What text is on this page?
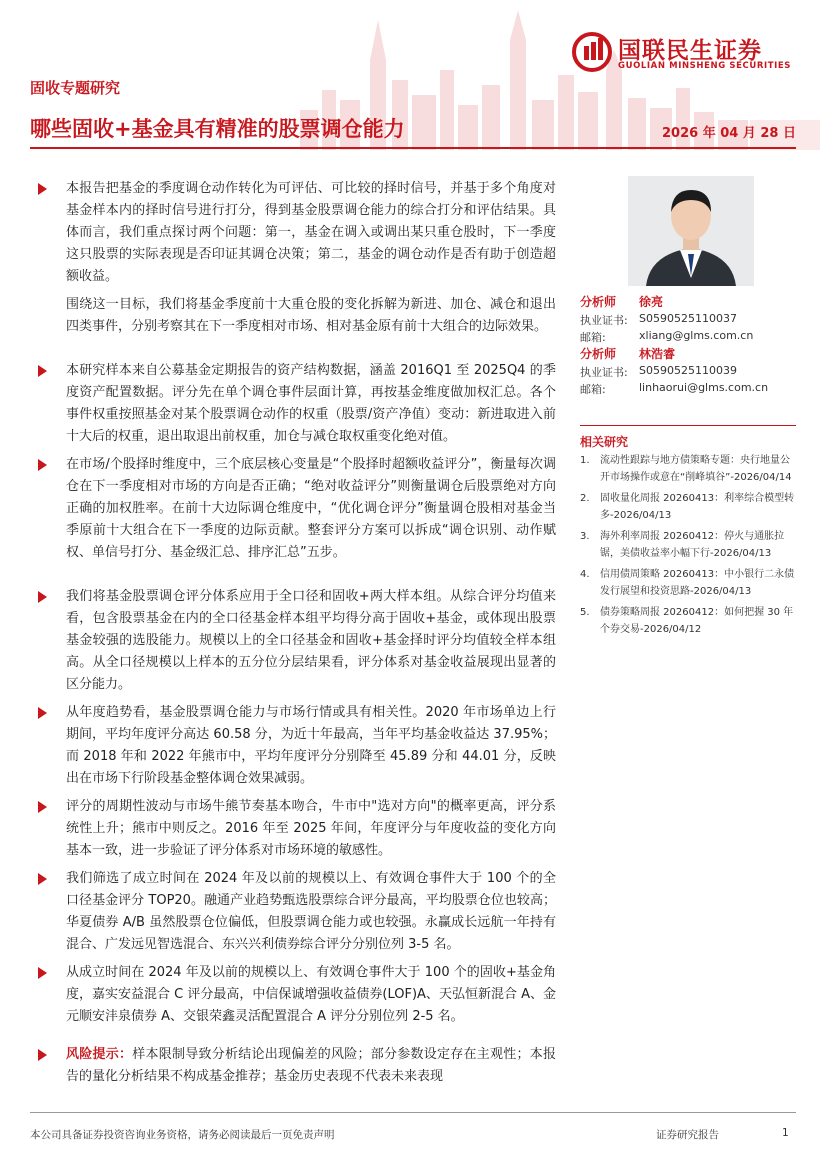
国联民生证券
GUOLIAN MINSHENG SECURITIES
固收专题研究
哪些固收+基金具有精准的股票调仓能力	2026 年 04 月 28 日
本报告把基金的季度调仓动作转化为可评估、可比较的择时信号，并基于多个角度对基金样本内的择时信号进行打分，得到基金股票调仓能力的综合打分和评估结果。具体而言，我们重点探讨两个问题：第一，基金在调入或调出某只重仓股时，下一季度这只股票的实际表现是否印证其调仓决策；第二，基金的调仓动作是否有助于创造超额收益。
围绕这一目标，我们将基金季度前十大重仓股的变化拆解为新进、加仓、减仓和退出四类事件，分别考察其在下一季度相对市场、相对基金原有前十大组合的边际效果。
本研究样本来自公募基金定期报告的资产结构数据，涵盖 2016Q1 至 2025Q4 的季度资产配置数据。评分先在单个调仓事件层面计算，再按基金维度做加权汇总。各个事件权重按照基金对某个股票调仓动作的权重（股票/资产净值）变动：新进取进入前十大后的权重，退出取退出前权重，加仓与减仓取权重变化绝对值。
在市场/个股择时维度中，三个底层核心变量是“个股择时超额收益评分”，衡量每次调仓在下一季度相对市场的方向是否正确；“绝对收益评分”则衡量调仓后股票绝对方向正确的加权胜率。在前十大边际调仓维度中，“优化调仓评分”衡量调仓股相对基金当季原前十大组合在下一季度的边际贡献。整套评分方案可以拆成“调仓识别、动作赋权、单信号打分、基金级汇总、排序汇总”五步。
我们将基金股票调仓评分体系应用于全口径和固收+两大样本组。从综合评分均值来看，包含股票基金在内的全口径基金样本组平均得分高于固收+基金，或体现出股票基金较强的选股能力。规模以上的全口径基金和固收+基金择时评分均值较全样本组高。从全口径规模以上样本的五分位分层结果看，评分体系对基金收益展现出显著的区分能力。
从年度趋势看，基金股票调仓能力与市场行情或具有相关性。2020 年市场单边上行期间，平均年度评分高达 60.58 分，为近十年最高，当年平均基金收益达 37.95%；而 2018 年和 2022 年熊市中，平均年度评分分别降至 45.89 分和 44.01 分，反映出在市场下行阶段基金整体调仓效果减弱。
评分的周期性波动与市场牛熊节奏基本吻合，牛市中"选对方向"的概率更高，评分系统性上升；熊市中则反之。2016 年至 2025 年间，年度评分与年度收益的变化方向基本一致，进一步验证了评分体系对市场环境的敏感性。
我们筛选了成立时间在 2024 年及以前的规模以上、有效调仓事件大于 100 个的全口径基金评分 TOP20。融通产业趋势甄选股票综合评分最高，平均股票仓位也较高；华夏债券 A/B 虽然股票仓位偏低，但股票调仓能力或也较强。永赢成长远航一年持有混合、广发远见智选混合、东兴兴利债券综合评分分别位列 3-5 名。
从成立时间在 2024 年及以前的规模以上、有效调仓事件大于 100 个的固收+基金角度，嘉实安益混合 C 评分最高，中信保诚增强收益债券(LOF)A、天弘恒新混合 A、金元顺安沣泉债券 A、交银荣鑫灵活配置混合 A 评分分别位列 2-5 名。
风险提示：样本限制导致分析结论出现偏差的风险；部分参数设定存在主观性；本报告的量化分析结果不构成基金推荐；基金历史表现不代表未来表现
分析师 徐亮
执业证书: S0590525110037
邮箱:	xliang@glms.com.cn
分析师 林浩睿
执业证书: S0590525110039
邮箱:	linhaorui@glms.com.cn
相关研究
1. 流动性跟踪与地方债策略专题：央行地量公开市场操作或意在“削峰填谷”-2026/04/14
2. 固收量化周报 20260413：利率综合模型转多-2026/04/13
3. 海外利率周报 20260412：停火与通胀拉锯，美债收益率小幅下行-2026/04/13
4. 信用债周策略 20260413：中小银行二永债发行展望和投资思路-2026/04/13
5. 债券策略周报 20260412：如何把握 30 年个券交易-2026/04/12
本公司具备证券投资咨询业务资格，请务必阅读最后一页免责声明	证券研究报告	1
